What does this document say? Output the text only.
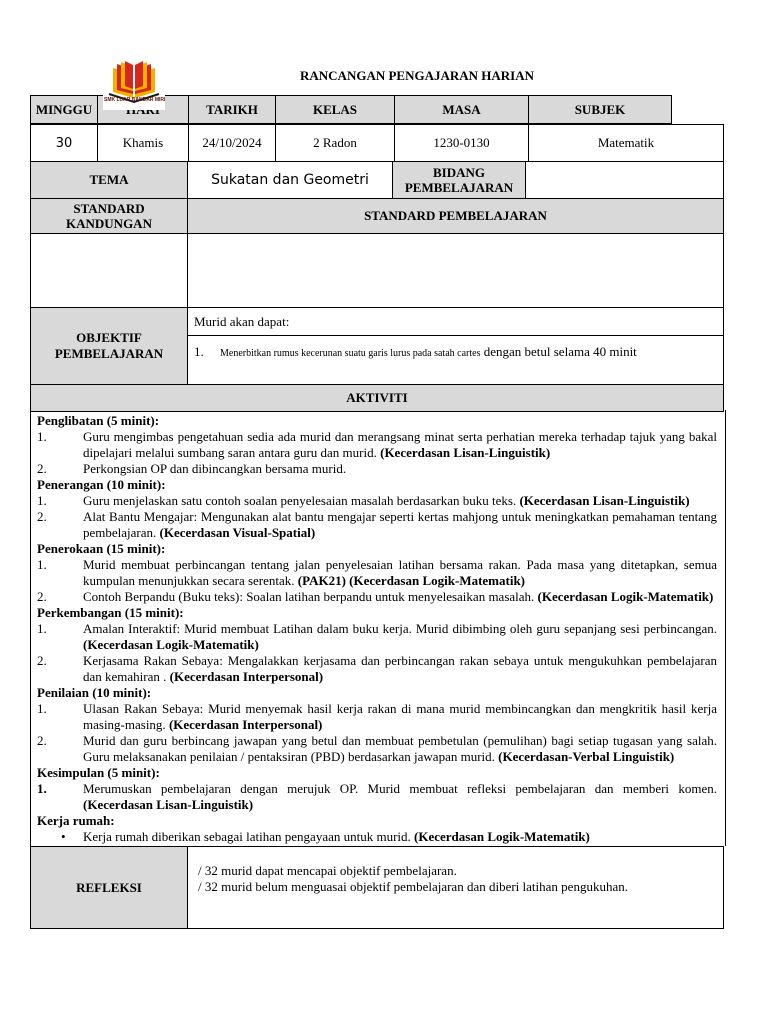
RANCANGAN PENGAJARAN HARIAN
MINGGU		TARIKH	KELAS	MASA	SUBJEK
SMK LUAR BANDAR MIRI
30	Khamis	24/10/2024	2 Radon	1230-0130	Matematik
TEMA	Sukatan dan Geometri	BIDANG PEMBELAJARAN	
STANDARD KANDUNGAN	STANDARD PEMBELAJARAN		

OBJEKTIF PEMBELAJARAN	Murid akan dapat:		
	1. Menerbitkan rumus kecerunan suatu garis lurus pada satah cartes dengan betul selama 40 minit		
AKTIVITI			
Penglibatan (5 minit):
1.	Guru mengimbas pengetahuan sedia ada murid dan merangsang minat serta perhatian mereka terhadap tajuk yang bakal dipelajari melalui sumbang saran antara guru dan murid. (Kecerdasan Lisan-Linguistik)
2.	Perkongsian OP dan dibincangkan bersama murid.
Penerangan (10 minit):
1.	Guru menjelaskan satu contoh soalan penyelesaian masalah berdasarkan buku teks. (Kecerdasan Lisan-Linguistik)
2.	Alat Bantu Mengajar: Mengunakan alat bantu mengajar seperti kertas mahjong untuk meningkatkan pemahaman tentang pembelajaran. (Kecerdasan Visual-Spatial)
Penerokaan (15 minit):
1.	Murid membuat perbincangan tentang jalan penyelesaian latihan bersama rakan. Pada masa yang ditetapkan, semua kumpulan menunjukkan secara serentak. (PAK21) (Kecerdasan Logik-Matematik)
2.	Contoh Berpandu (Buku teks): Soalan latihan berpandu untuk menyelesaikan masalah. (Kecerdasan Logik-Matematik)
Perkembangan (15 minit):
1.	Amalan Interaktif: Murid membuat Latihan dalam buku kerja. Murid dibimbing oleh guru sepanjang sesi perbincangan. (Kecerdasan Logik-Matematik)
2.	Kerjasama Rakan Sebaya: Mengalakkan kerjasama dan perbincangan rakan sebaya untuk mengukuhkan pembelajaran dan kemahiran . (Kecerdasan Interpersonal)
Penilaian (10 minit):
1.	Ulasan Rakan Sebaya: Murid menyemak hasil kerja rakan di mana murid membincangkan dan mengkritik hasil kerja masing-masing. (Kecerdasan Interpersonal)
2.	Murid dan guru berbincang jawapan yang betul dan membuat pembetulan (pemulihan) bagi setiap tugasan yang salah. Guru melaksanakan penilaian / pentaksiran (PBD) berdasarkan jawapan murid. (Kecerdasan-Verbal Linguistik)
Kesimpulan (5 minit):
1.	Merumuskan pembelajaran dengan merujuk OP. Murid membuat refleksi pembelajaran dan memberi komen. (Kecerdasan Lisan-Linguistik)
Kerja rumah:
•	Kerja rumah diberikan sebagai latihan pengayaan untuk murid. (Kecerdasan Logik-Matematik)
REFLEKSI	
/ 32 murid dapat mencapai objektif pembelajaran.
/ 32 murid belum menguasai objektif pembelajaran dan diberi latihan pengukuhan.
